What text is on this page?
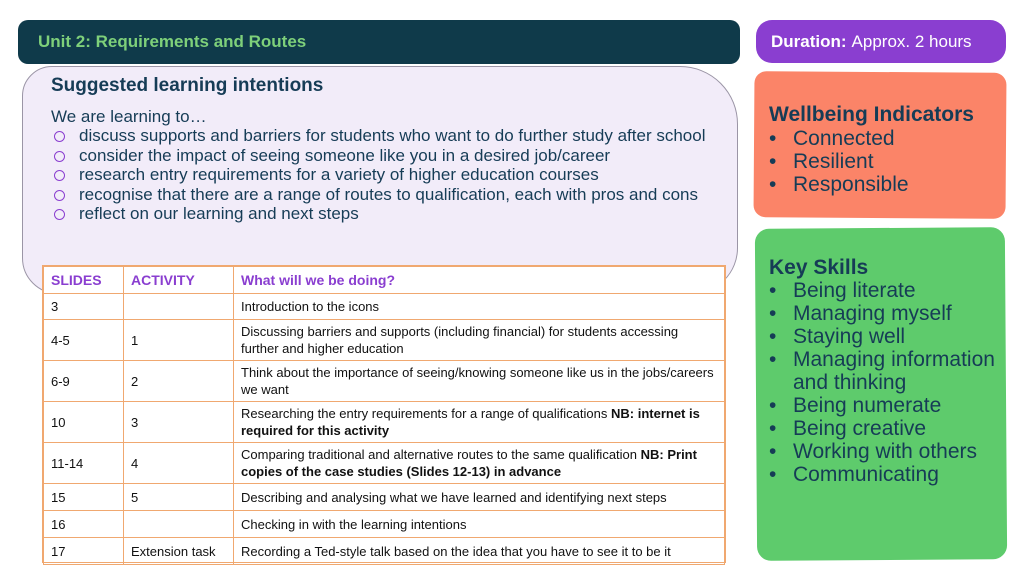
Unit 2: Requirements and Routes	Duration: Approx. 2 hours
Suggested learning intentions
We are learning to…
discuss supports and barriers for students who want to do further study after school
consider the impact of seeing someone like you in a desired job/career
research entry requirements for a variety of higher education courses
recognise that there are a range of routes to qualification, each with pros and cons
reflect on our learning and next steps
SLIDES	ACTIVITY	What will we be doing?
3		Introduction to the icons
4-5	1	Discussing barriers and supports (including financial) for students accessing further and higher education
6-9	2	Think about the importance of seeing/knowing someone like us in the jobs/careers we want
10	3	Researching the entry requirements for a range of qualifications NB: internet is required for this activity
11-14	4	Comparing traditional and alternative routes to the same qualification NB: Print copies of the case studies (Slides 12-13) in advance
15	5	Describing and analysing what we have learned and identifying next steps
16		Checking in with the learning intentions
17	Extension task	Recording a Ted-style talk based on the idea that you have to see it to be it
Wellbeing Indicators
• Connected
• Resilient
• Responsible
Key Skills
• Being literate
• Managing myself
• Staying well
• Managing information and thinking
• Being numerate
• Being creative
• Working with others
• Communicating
